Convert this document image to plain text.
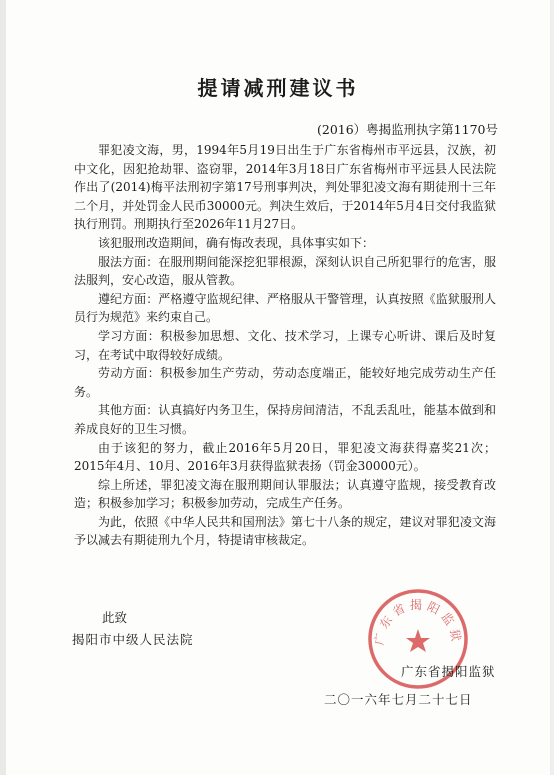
提请减刑建议书
(2016）粤揭监刑执字第1170号

罪犯凌文海，男，1994年5月19日出生于广东省梅州市平远县，汉族，初中文化，因犯抢劫罪、盗窃罪，2014年3月18日广东省梅州市平远县人民法院作出了(2014)梅平法刑初字第17号刑事判决，判处罪犯凌文海有期徒刑十三年二个月，并处罚金人民币30000元。判决生效后，于2014年5月4日交付我监狱执行刑罚。刑期执行至2026年11月27日。

该犯服刑改造期间，确有悔改表现，具体事实如下：

服法方面：在服刑期间能深挖犯罪根源，深刻认识自己所犯罪行的危害，服法服判，安心改造，服从管教。

遵纪方面：严格遵守监规纪律、严格服从干警管理，认真按照《监狱服刑人员行为规范》来约束自己。

学习方面：积极参加思想、文化、技术学习，上课专心听讲、课后及时复习，在考试中取得较好成绩。

劳动方面：积极参加生产劳动，劳动态度端正，能较好地完成劳动生产任务。

其他方面：认真搞好内务卫生，保持房间清洁，不乱丢乱吐，能基本做到和养成良好的卫生习惯。

由于该犯的努力，截止2016年5月20日，罪犯凌文海获得嘉奖21次；2015年4月、10月、2016年3月获得监狱表扬（罚金30000元）。

综上所述，罪犯凌文海在服刑期间认罪服法；认真遵守监规，接受教育改造；积极参加学习；积极参加劳动，完成生产任务。

为此，依照《中华人民共和国刑法》第七十八条的规定，建议对罪犯凌文海予以减去有期徒刑九个月，特提请审核裁定。

此致
揭阳市中级人民法院	广东省揭阳监狱
广东省揭阳监狱
二〇一六年七月二十七日
